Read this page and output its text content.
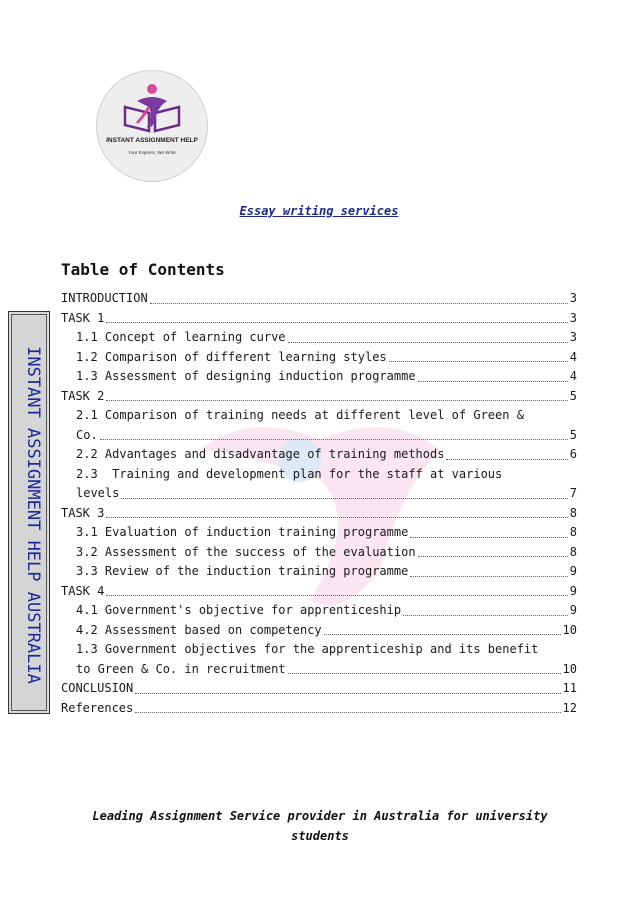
INSTANT ASSIGNMENT HELP
Your Express, We Write
INSTANT ASSIGNMENT HELP AUSTRALIA
Essay writing services
Table of Contents
INTRODUCTION	3
TASK 1	3
1.1 Concept of learning curve	3
1.2 Comparison of different learning styles	4
1.3 Assessment of designing induction programme	4
TASK 2	5
2.1 Comparison of training needs at different level of Green &
Co.	5
2.2 Advantages and disadvantage of training methods	6
2.3  Training and development plan for the staff at various
levels	7
TASK 3	8
3.1 Evaluation of induction training programme	8
3.2 Assessment of the success of the evaluation	8
3.3 Review of the induction training programme	9
TASK 4	9
4.1 Government's objective for apprenticeship	9
4.2 Assessment based on competency	10
1.3 Government objectives for the apprenticeship and its benefit
to Green & Co. in recruitment	10
CONCLUSION	11
References	12
Leading Assignment Service provider in Australia for university
students
